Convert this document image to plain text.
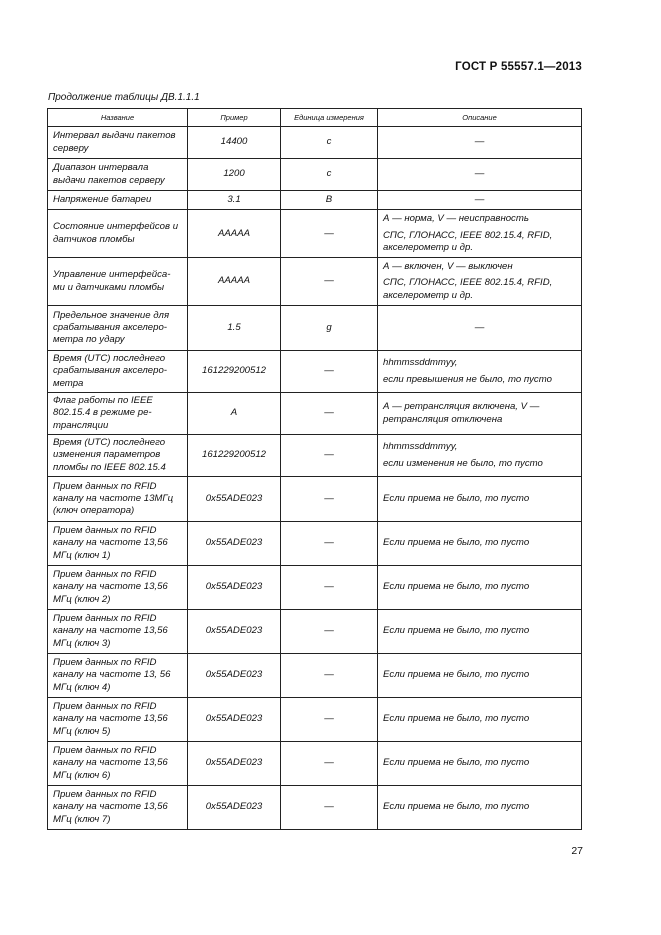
ГОСТ Р 55557.1—2013
Продолжение таблицы ДВ.1.1.1
Название	Пример	Единица измерения	Описание
Интервал выдачи пакетов серверу	14400	с	—

Диапазон интервала выдачи пакетов серверу	1200	с	—

Напряжение батареи	3.1	В	—

Состояние интерфейсов и датчиков пломбы	AAAAA	—	А — норма, V — неисправность
СПС, ГЛОНАСС, IEEE 802.15.4, RFID, акселерометр и др.

Управление интерфейса-ми и датчиками пломбы	AAAAA	—	А — включен, V — выключен
СПС, ГЛОНАСС, IEEE 802.15.4, RFID, акселерометр и др.

Предельное значение для срабатывания акселеро-метра по удару	1.5	g	—

Время (UTC) последнего срабатывания акселеро-метра	161229200512	—	hhmmssddmmyy,
если превышения не было, то пусто

Флаг работы по IEEE 802.15.4 в режиме ре-трансляции	A	—	А — ретрансляция включена, V — ретрансляция отключена

Время (UTC) последнего изменения параметров пломбы по IEEE 802.15.4	161229200512	—	hhmmssddmmyy,
если изменения не было, то пусто

Прием данных по RFID каналу на частоте 13МГц (ключ оператора)	0x55ADE023	—	Если приема не было, то пусто

Прием данных по RFID каналу на частоте 13,56 МГц (ключ 1)	0x55ADE023	—	Если приема не было, то пусто

Прием данных по RFID каналу на частоте 13,56 МГц (ключ 2)	0x55ADE023	—	Если приема не было, то пусто

Прием данных по RFID каналу на частоте 13,56 МГц (ключ 3)	0x55ADE023	—	Если приема не было, то пусто

Прием данных по RFID каналу на частоте 13, 56 МГц (ключ 4)	0x55ADE023	—	Если приема не было, то пусто

Прием данных по RFID каналу на частоте 13,56 МГц (ключ 5)	0x55ADE023	—	Если приема не было, то пусто

Прием данных по RFID каналу на частоте 13,56 МГц (ключ 6)	0x55ADE023	—	Если приема не было, то пусто

Прием данных по RFID каналу на частоте 13,56 МГц (ключ 7)	0x55ADE023	—	Если приема не было, то пусто
27
